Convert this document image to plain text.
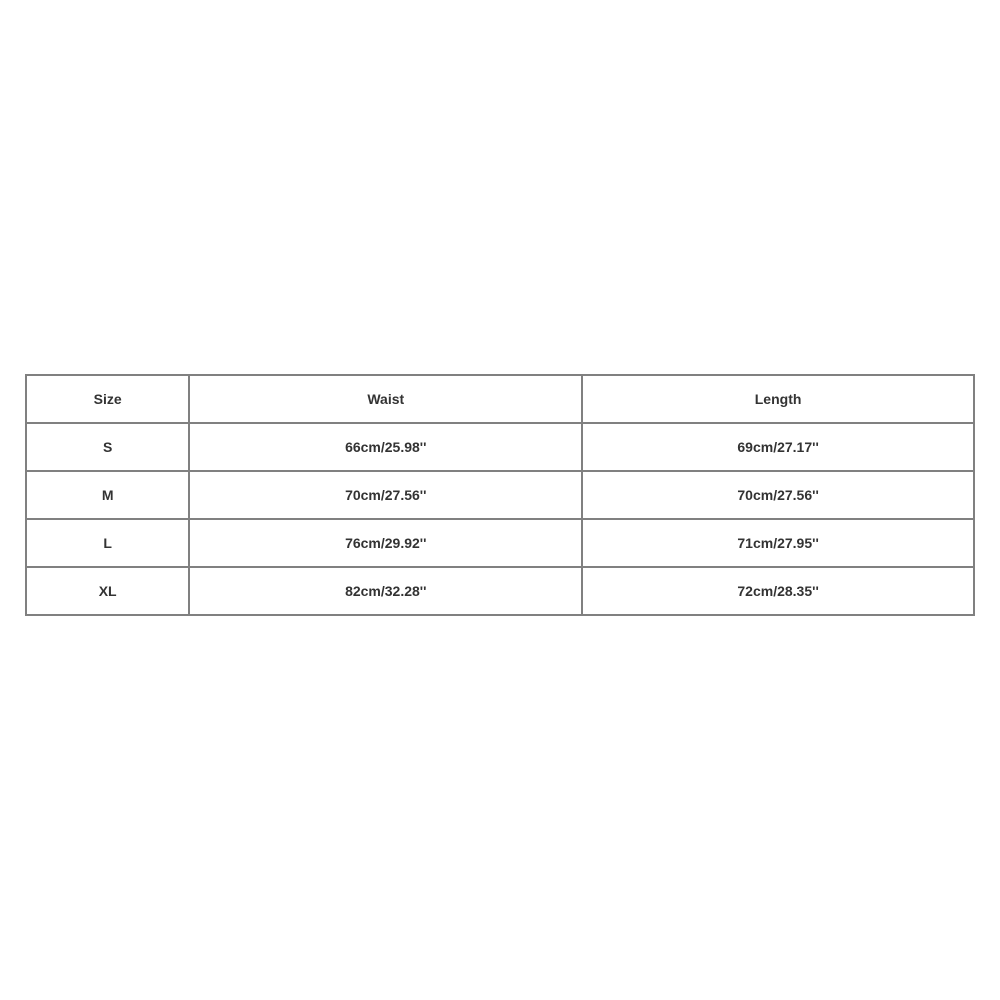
Size	Waist	Length
S	66cm/25.98''	69cm/27.17''
M	70cm/27.56''	70cm/27.56''
L	76cm/29.92''	71cm/27.95''
XL	82cm/32.28''	72cm/28.35''
